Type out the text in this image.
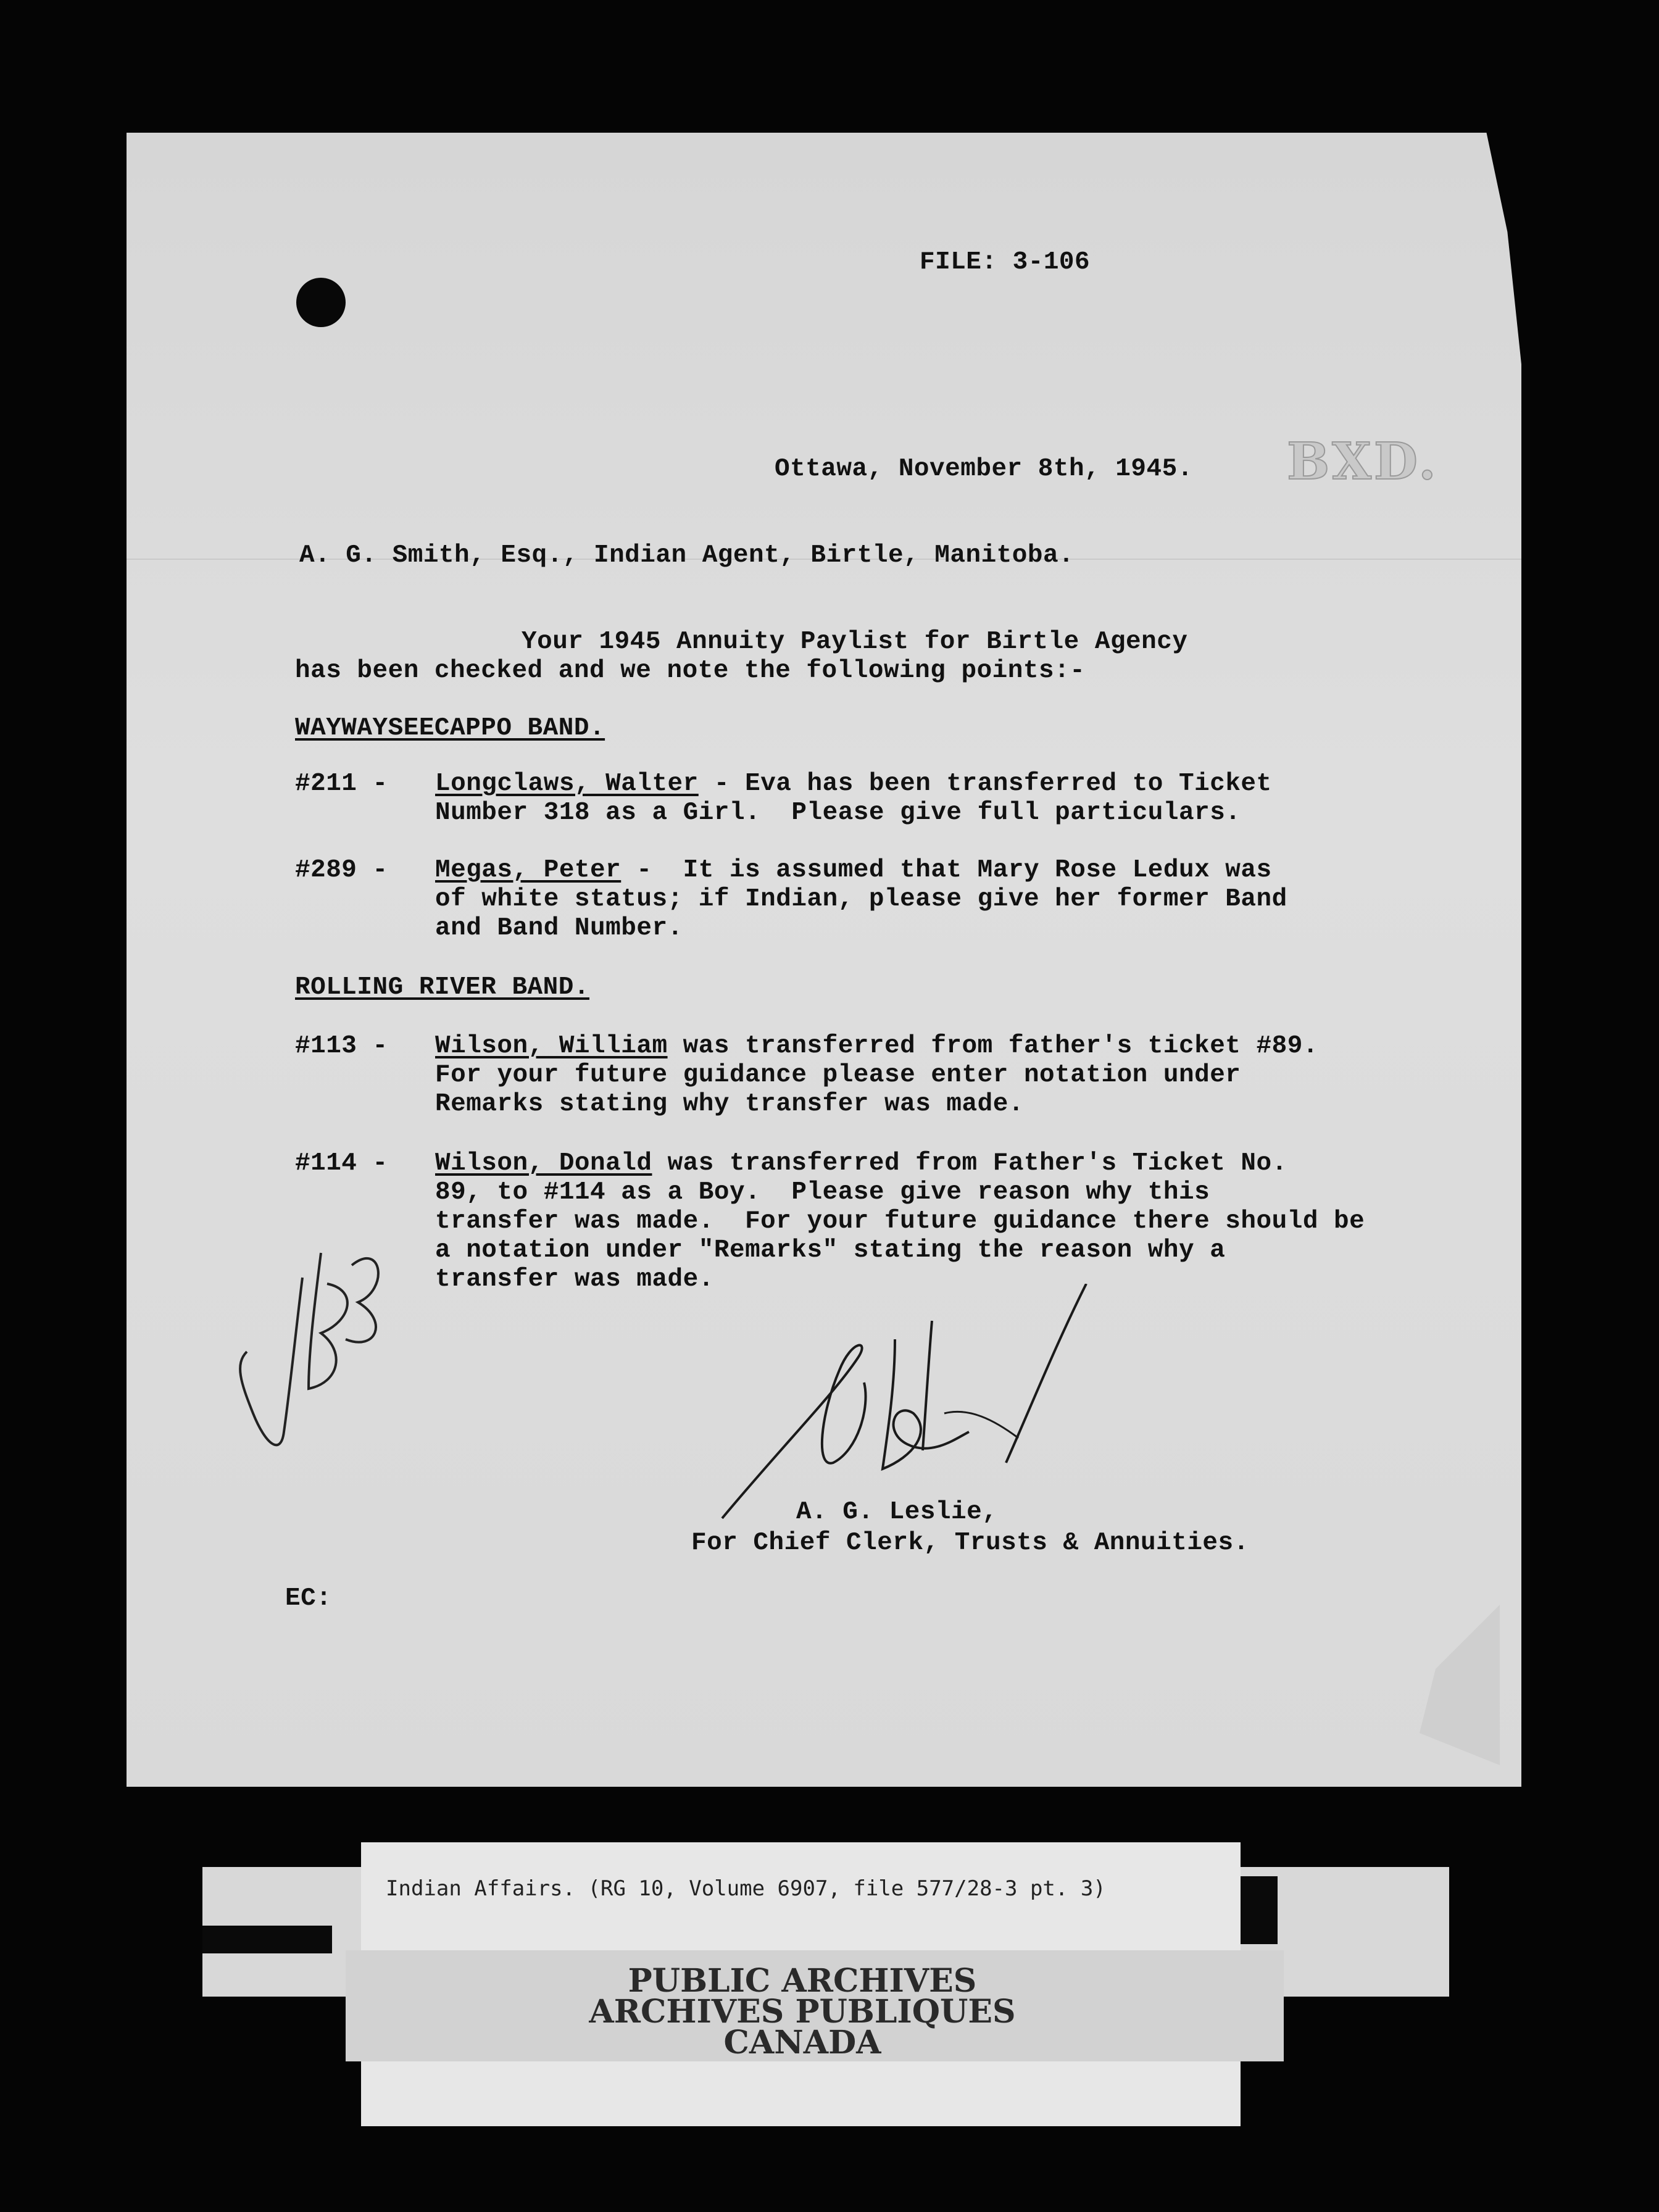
FILE: 3-106
Ottawa, November 8th, 1945. BXD.
A. G. Smith, Esq., Indian Agent, Birtle, Manitoba.
Your 1945 Annuity Paylist for Birtle Agency
has been checked and we note the following points:-
WAYWAYSEECAPPO BAND.
#211 - Longclaws, Walter - Eva has been transferred to Ticket
Number 318 as a Girl.  Please give full particulars.
#289 - Megas, Peter -  It is assumed that Mary Rose Ledux was
of white status; if Indian, please give her former Band
and Band Number.
ROLLING RIVER BAND.
#113 - Wilson, William was transferred from father's ticket #89.
For your future guidance please enter notation under
Remarks stating why transfer was made.
#114 - Wilson, Donald was transferred from Father's Ticket No.
89, to #114 as a Boy.  Please give reason why this
transfer was made.  For your future guidance there should be
a notation under "Remarks" stating the reason why a
transfer was made.
A. G. Leslie,
For Chief Clerk, Trusts & Annuities.
EC:
Indian Affairs. (RG 10, Volume 6907, file 577/28-3 pt. 3)
PUBLIC ARCHIVES
ARCHIVES PUBLIQUES
CANADA
